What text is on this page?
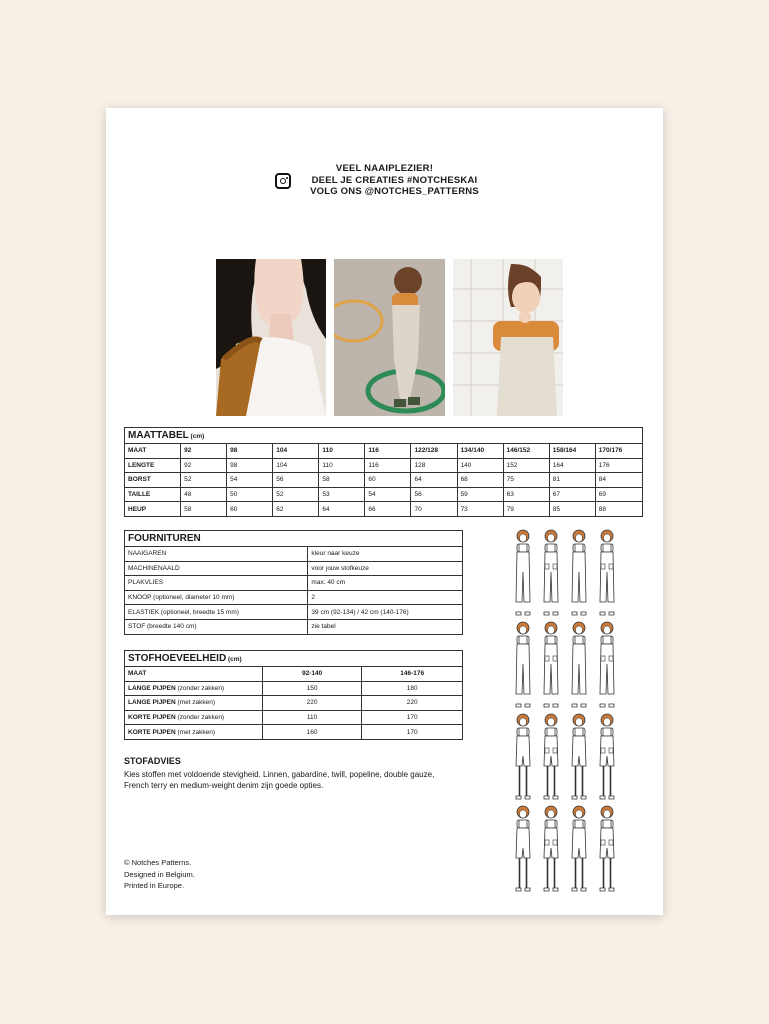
VEEL NAAIPLEZIER!
DEEL JE CREATIES #NOTCHESKAI
VOLG ONS @NOTCHES_PATTERNS
MAATTABEL (cm)										
MAAT	92	98	104	110	116	122/128	134/140	146/152	158/164	170/176
LENGTE	92	98	104	110	116	128	140	152	164	176
BORST	52	54	56	58	60	64	68	75	81	84
TAILLE	48	50	52	53	54	56	59	63	67	69
HEUP	58	60	62	64	66	70	73	79	85	88
FOURNITUREN	
NAAIGAREN	kleur naar keuze
MACHINENAALD	voor jouw stofkeuze
PLAKVLIES	max. 40 cm
KNOOP (optioneel, diameter 10 mm)	2
ELASTIEK (optioneel, breedte 15 mm)	39 cm (92-134) / 42 cm (140-176)
STOF (breedte 140 cm)	zie tabel
STOFHOEVEELHEID (cm)		
MAAT	92-140	146-176
LANGE PIJPEN (zonder zakken)	150	180
LANGE PIJPEN (met zakken)	220	220
KORTE PIJPEN (zonder zakken)	110	170
KORTE PIJPEN (met zakken)	160	170
STOFADVIES
Kies stoffen met voldoende stevigheid. Linnen, gabardine, twill, popeline, double gauze, French terry en medium-weight denim zijn goede opties.
© Notches Patterns.
Designed in Belgium.
Printed in Europe.
